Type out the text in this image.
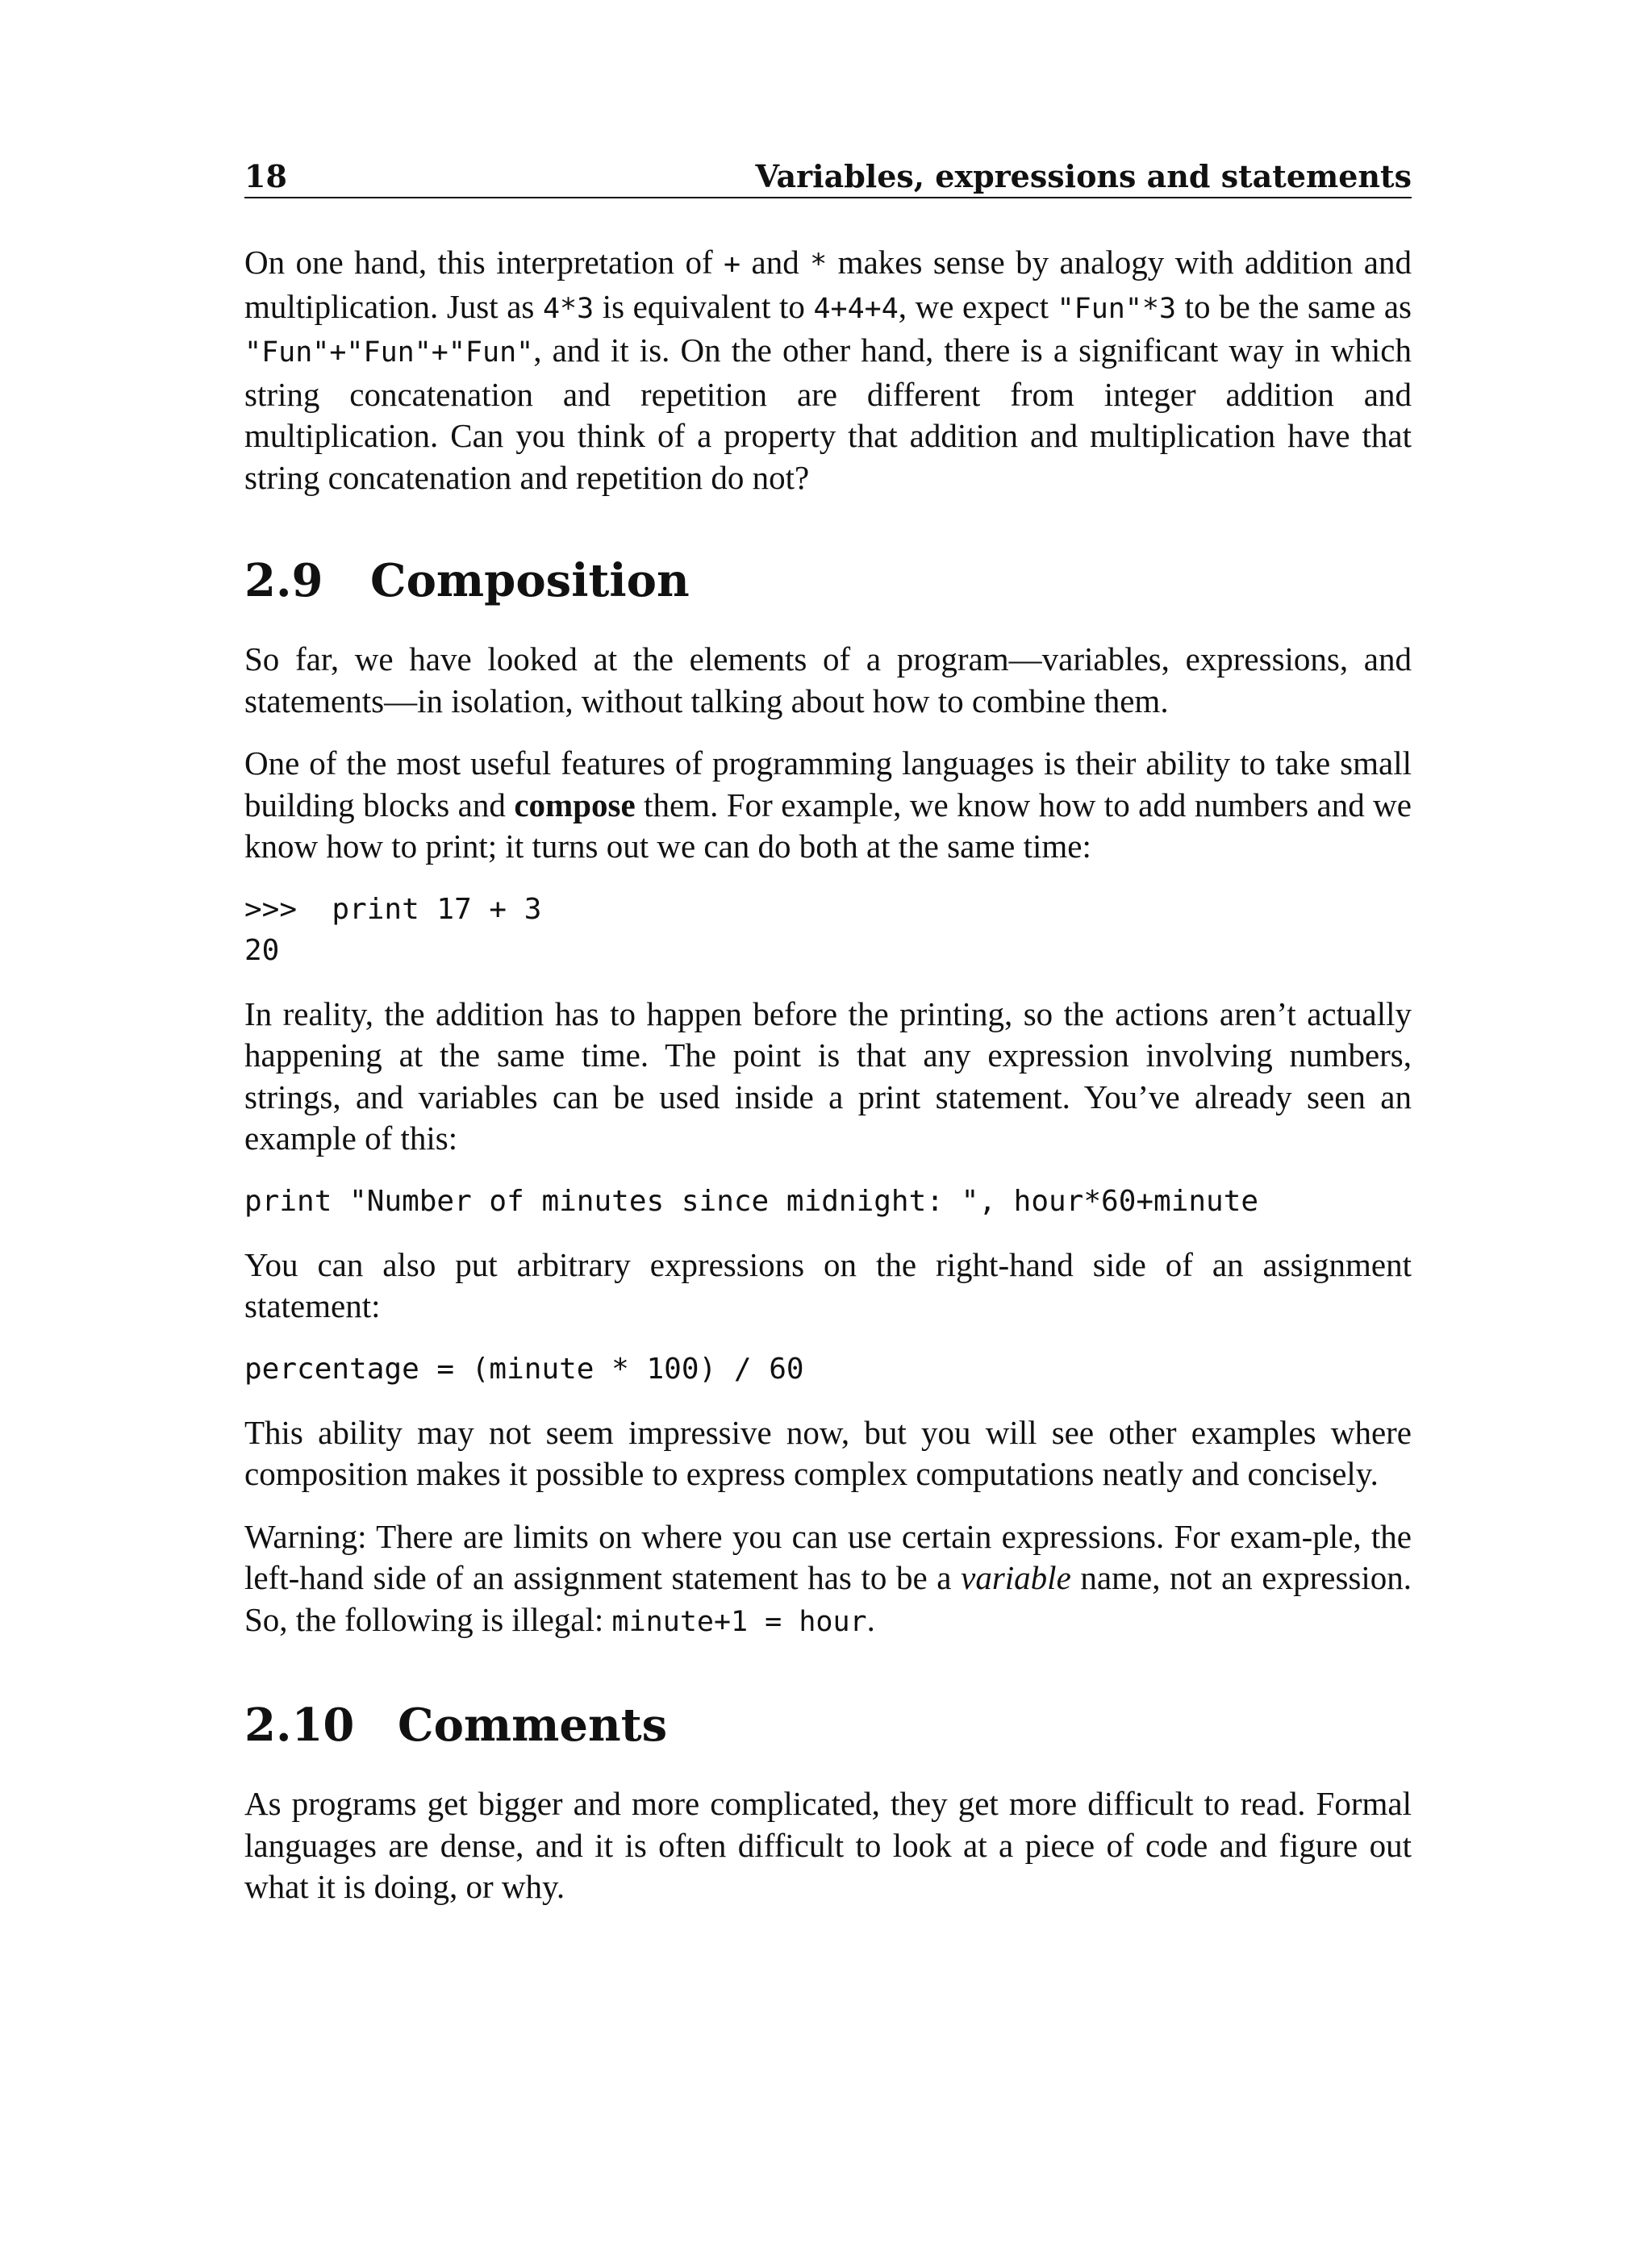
18	Variables, expressions and statements

On one hand, this interpretation of + and * makes sense by analogy with addition and multiplication. Just as 4*3 is equivalent to 4+4+4, we expect "Fun"*3 to be the same as "Fun"+"Fun"+"Fun", and it is. On the other hand, there is a significant way in which string concatenation and repetition are different from integer addition and multiplication. Can you think of a property that addition and multiplication have that string concatenation and repetition do not?

2.9	Composition

So far, we have looked at the elements of a program—variables, expressions, and statements—in isolation, without talking about how to combine them.

One of the most useful features of programming languages is their ability to take small building blocks and compose them. For example, we know how to add numbers and we know how to print; it turns out we can do both at the same time:

>>>  print 17 + 3
20

In reality, the addition has to happen before the printing, so the actions aren’t actually happening at the same time. The point is that any expression involving numbers, strings, and variables can be used inside a print statement. You’ve already seen an example of this:

print "Number of minutes since midnight: ", hour*60+minute

You can also put arbitrary expressions on the right-hand side of an assignment statement:

percentage = (minute * 100) / 60

This ability may not seem impressive now, but you will see other examples where composition makes it possible to express complex computations neatly and concisely.

Warning: There are limits on where you can use certain expressions. For exam-ple, the left-hand side of an assignment statement has to be a variable name, not an expression. So, the following is illegal: minute+1 = hour.

2.10 Comments

As programs get bigger and more complicated, they get more difficult to read. Formal languages are dense, and it is often difficult to look at a piece of code and figure out what it is doing, or why.
